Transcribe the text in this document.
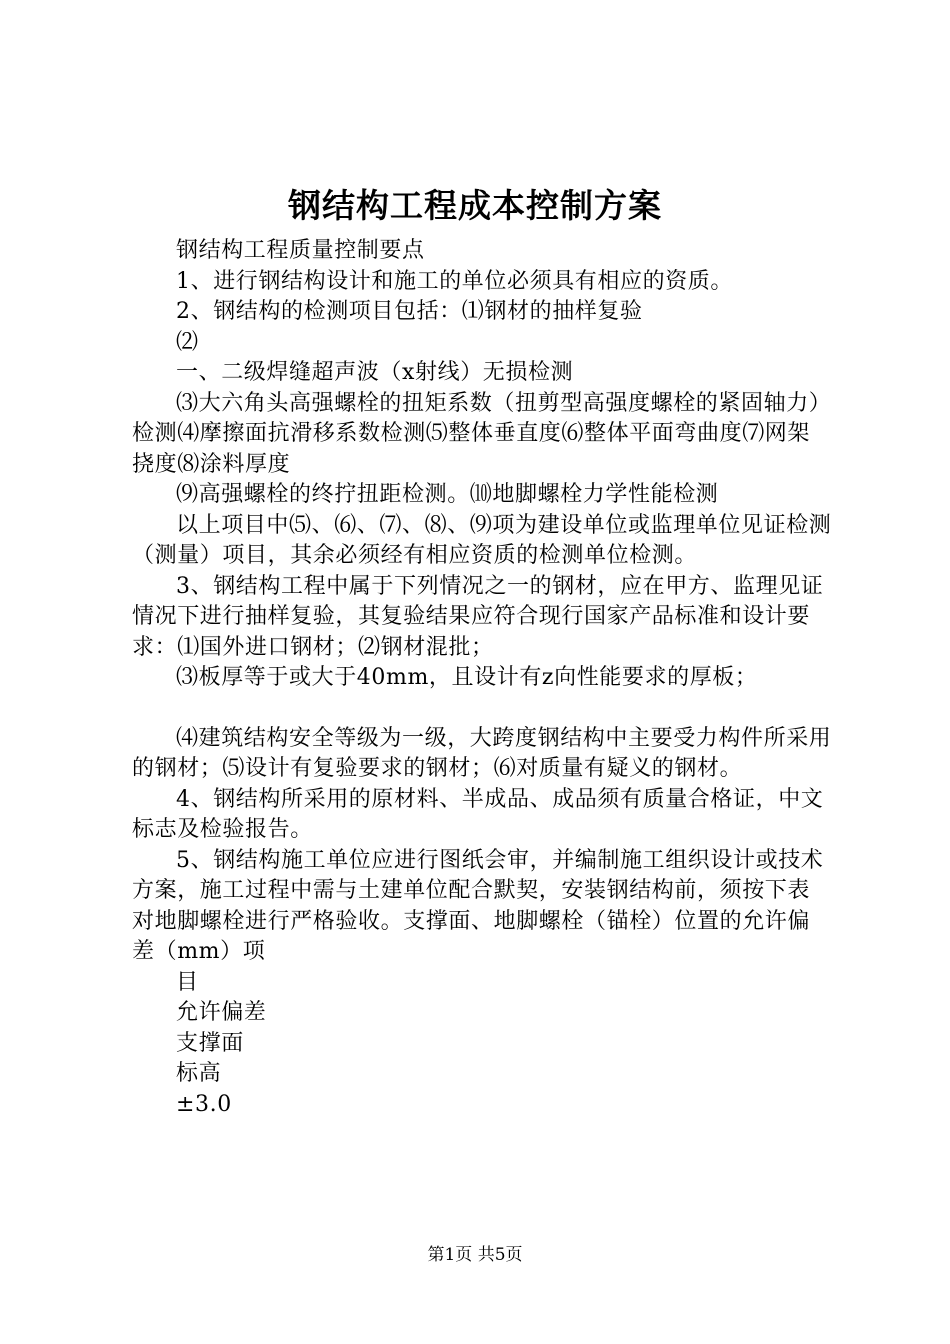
钢结构工程成本控制方案

钢结构工程质量控制要点

1、进行钢结构设计和施工的单位必须具有相应的资质。

2、钢结构的检测项目包括：⑴钢材的抽样复验

⑵

一、二级焊缝超声波（x射线）无损检测

⑶大六角头高强螺栓的扭矩系数（扭剪型高强度螺栓的紧固轴力）检测⑷摩擦面抗滑移系数检测⑸整体垂直度⑹整体平面弯曲度⑺网架挠度⑻涂料厚度

⑼高强螺栓的终拧扭距检测。⑽地脚螺栓力学性能检测

以上项目中⑸、⑹、⑺、⑻、⑼项为建设单位或监理单位见证检测（测量）项目，其余必须经有相应资质的检测单位检测。

3、钢结构工程中属于下列情况之一的钢材，应在甲方、监理见证情况下进行抽样复验，其复验结果应符合现行国家产品标准和设计要求：⑴国外进口钢材；⑵钢材混批；

⑶板厚等于或大于40mm，且设计有z向性能要求的厚板；

⑷建筑结构安全等级为一级，大跨度钢结构中主要受力构件所采用的钢材；⑸设计有复验要求的钢材；⑹对质量有疑义的钢材。

4、钢结构所采用的原材料、半成品、成品须有质量合格证，中文标志及检验报告。

5、钢结构施工单位应进行图纸会审，并编制施工组织设计或技术方案，施工过程中需与土建单位配合默契，安装钢结构前，须按下表对地脚螺栓进行严格验收。支撑面、地脚螺栓（锚栓）位置的允许偏差（mm）项

目

允许偏差

支撑面

标高

±3.0

第1页 共5页
